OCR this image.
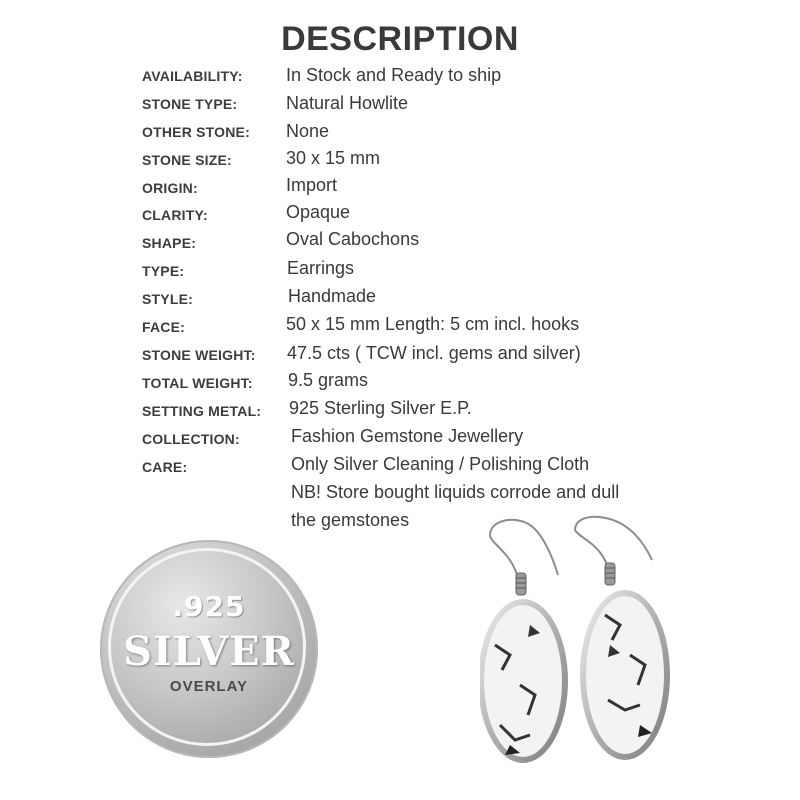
DESCRIPTION
AVAILABILITY: In Stock and Ready to ship
STONE TYPE:	Natural Howlite
OTHER STONE: None
STONE SIZE:	30 x 15 mm
ORIGIN:	Import
CLARITY:	Opaque
SHAPE:	Oval Cabochons
TYPE:	Earrings
STYLE:	Handmade
FACE:	50 x 15 mm Length: 5 cm incl. hooks
STONE WEIGHT: 47.5 cts ( TCW incl. gems and silver)
TOTAL WEIGHT: 9.5 grams
SETTING METAL: 925 Sterling Silver E.P.
COLLECTION:	Fashion Gemstone Jewellery
CARE:	Only Silver Cleaning / Polishing Cloth
NB! Store bought liquids corrode and dull
the gemstones
.925
SILVER
OVERLAY
